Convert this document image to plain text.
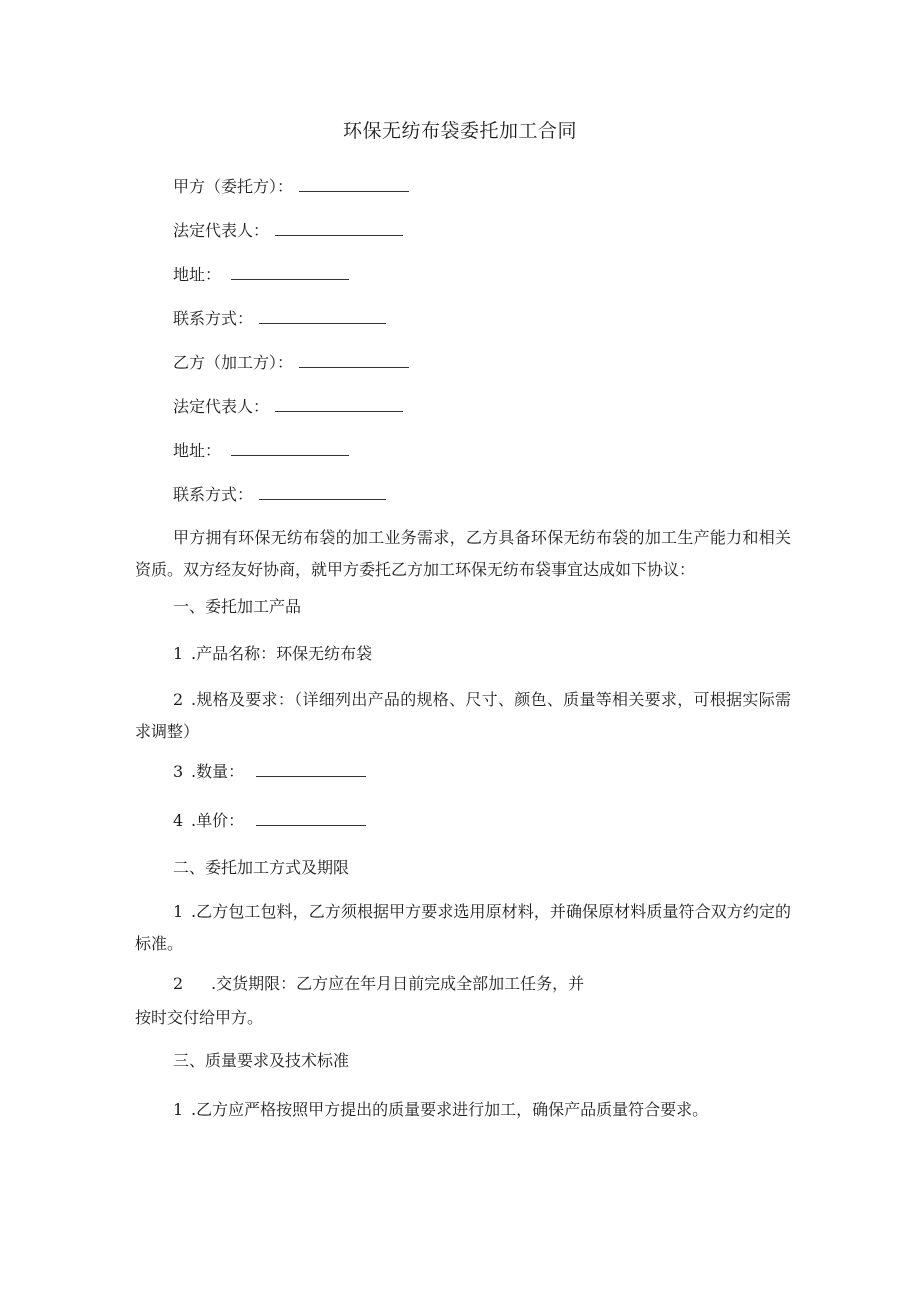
环保无纺布袋委托加工合同
甲方（委托方）：
法定代表人：
地址：
联系方式：
乙方（加工方）：
法定代表人：
地址：
联系方式：
甲方拥有环保无纺布袋的加工业务需求，乙方具备环保无纺布袋的加工生产能力和相关资质。双方经友好协商，就甲方委托乙方加工环保无纺布袋事宜达成如下协议：
一、委托加工产品
1 .产品名称：环保无纺布袋
2 .规格及要求：（详细列出产品的规格、尺寸、颜色、质量等相关要求，可根据实际需求调整）
3 .数量：
4 .单价：
二、委托加工方式及期限
1 .乙方包工包料，乙方须根据甲方要求选用原材料，并确保原材料质量符合双方约定的标准。
2 .交货期限：乙方应在年月日前完成全部加工任务，并
按时交付给甲方。
三、质量要求及技术标准
1 .乙方应严格按照甲方提出的质量要求进行加工，确保产品质量符合要求。
